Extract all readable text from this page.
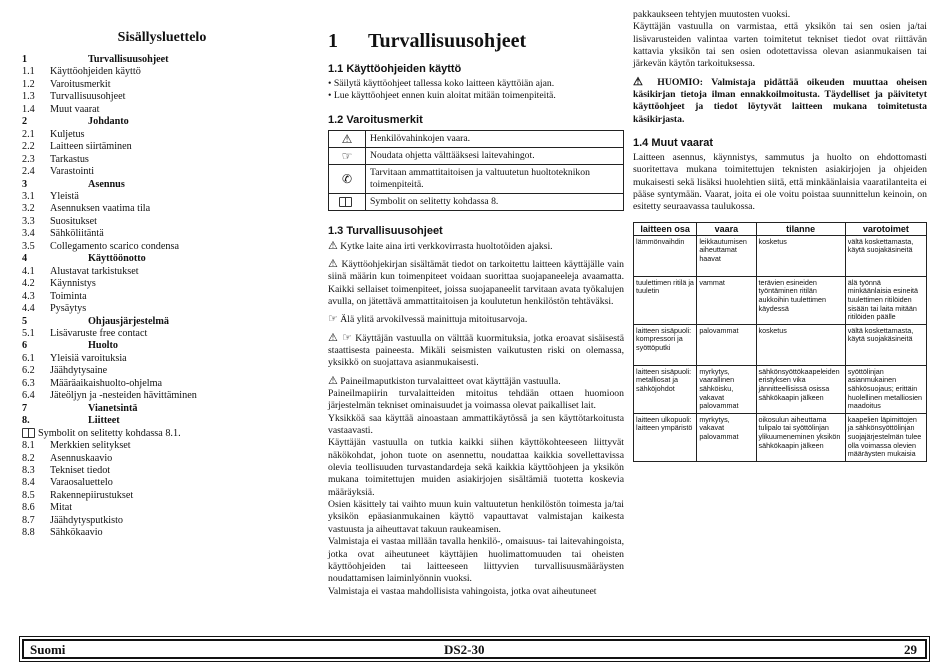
Sisällysluettelo
1	Turvallisuusohjeet
1.1	Käyttöohjeiden käyttö
1.2	Varoitusmerkit
1.3	Turvallisuusohjeet
1.4	Muut vaarat
2	Johdanto
2.1	Kuljetus
2.2	Laitteen siirtäminen
2.3	Tarkastus
2.4	Varastointi
3	Asennus
3.1	Yleistä
3.2	Asennuksen vaatima tila
3.3	Suositukset
3.4	Sähköliitäntä
3.5	Collegamento scarico condensa
4	Käyttöönotto
4.1	Alustavat tarkistukset
4.2	Käynnistys
4.3	Toiminta
4.4	Pysäytys
5	Ohjausjärjestelmä
5.1	Lisävaruste free contact
6	Huolto
6.1	Yleisiä varoituksia
6.2	Jäähdytysaine
6.3	Määräaikaishuolto-ohjelma
6.4	Jäteöljyn ja -nesteiden hävittäminen
7	Vianetsintä
8.	Liitteet
Symbolit on selitetty kohdassa 8.1.
8.1	Merkkien selitykset
8.2	Asennuskaavio
8.3	Tekniset tiedot
8.4	Varaosaluettelo
8.5	Rakennepiirustukset
8.6	Mitat
8.7	Jäähdytysputkisto
8.8	Sähkökaavio
1 Turvallisuusohjeet
1.1 Käyttöohjeiden käyttö

• Säilytä käyttöohjeet tallessa koko laitteen käyttöiän ajan.

• Lue käyttöohjeet ennen kuin aloitat mitään toimenpiteitä.

1.2 Varoitusmerkit
⚠	Henkilövahinkojen vaara.
☞	Noudata ohjetta välttääksesi laitevahingot.
✆	Tarvitaan ammattitaitoisen ja valtuutetun huoltoteknikon toimenpiteitä.
	Symbolit on selitetty kohdassa 8.
1.3 Turvallisuusohjeet

⚠ Kytke laite aina irti verkkovirrasta huoltotöiden ajaksi.

⚠ Käyttöohjekirjan sisältämät tiedot on tarkoitettu laitteen käyttäjälle vain siinä määrin kun toimenpiteet voidaan suorittaa suojapaneeleja avaamatta. Kaikki sellaiset toimenpiteet, joissa suojapaneelit tarvitaan avata työkalujen avulla, on jätettävä ammattitaitoisen ja koulutetun henkilöstön tehtäväksi.

☞ Älä ylitä arvokilvessä mainittuja mitoitusarvoja.

⚠ ☞ Käyttäjän vastuulla on välttää kuormituksia, jotka eroavat sisäisestä staattisesta paineesta. Mikäli seismisten vaikutusten riski on olemassa, yksikkö on suojattava asianmukaisesti.

⚠ Paineilmaputkiston turvalaitteet ovat käyttäjän vastuulla.

Paineilmapiirin turvalaitteiden mitoitus tehdään ottaen huomioon järjestelmän tekniset ominaisuudet ja voimassa olevat paikalliset lait.

Yksikköä saa käyttää ainoastaan ammattikäytössä ja sen käyttötarkoitusta vastaavasti.

Käyttäjän vastuulla on tutkia kaikki siihen käyttökohteeseen liittyvät näkökohdat, johon tuote on asennettu, noudattaa kaikkia sovellettavissa olevia teollisuuden turvastandardeja sekä kaikkia käyttöohjeen ja yksikön mukana toimitettujen muiden asiakirjojen sisältämiä tuotetta koskevia määräyksiä.

Osien käsittely tai vaihto muun kuin valtuutetun henkilöstön toimesta ja/tai yksikön epäasianmukainen käyttö vapauttavat valmistajan kaikesta vastuusta ja aiheuttavat takuun raukeamisen.

Valmistaja ei vastaa millään tavalla henkilö-, omaisuus- tai laitevahingoista, jotka ovat aiheutuneet käyttäjien huolimattomuuden tai oheisten käyttöohjeiden tai laitteeseen liittyvien turvallisuusmääräysten noudattamisen laiminlyönnin vuoksi.

Valmistaja ei vastaa mahdollisista vahingoista, jotka ovat aiheutuneet

pakkaukseen tehtyjen muutosten vuoksi.

Käyttäjän vastuulla on varmistaa, että yksikön tai sen osien ja/tai lisävarusteiden valintaa varten toimitetut tekniset tiedot ovat riittävän kattavia yksikön tai sen osien odotettavissa olevan asianmukaisen tai järkevän käytön tarkoituksessa.

⚠ HUOMIO: Valmistaja pidättää oikeuden muuttaa oheisen käsikirjan tietoja ilman ennakkoilmoitusta. Täydelliset ja päivitetyt käyttöohjeet ja tiedot löytyvät laitteen mukana toimitetusta käsikirjasta.

1.4 Muut vaarat

Laitteen asennus, käynnistys, sammutus ja huolto on ehdottomasti suoritettava mukana toimitettujen teknisten asiakirjojen ja ohjeiden mukaisesti sekä lisäksi huolehtien siitä, että minkäänlaisia vaaratilanteita ei pääse syntymään. Vaarat, joita ei ole voitu poistaa suunnittelun keinoin, on esitetty seuraavassa taulukossa.

laitteen osa	vaara	tilanne	varotoimet
lämmönvaihdin	leikkautumisen aiheuttamat haavat	kosketus	vältä koskettamasta, käytä suojakäsineitä
tuulettimen ritilä ja tuuletin	vammat	terävien esineiden työntäminen ritilän aukkoihin tuulettimen käydessä	älä työnnä minkäänlaisia esineitä tuulettimen ritilöiden sisään tai laita mitään ritilöiden päälle
laitteen sisäpuoli: kompressori ja syöttöputki	palovammat	kosketus	vältä koskettamasta, käytä suojakäsineitä
laitteen sisäpuoli: metalliosat ja sähköjohdot	myrkytys, vaarallinen sähköisku, vakavat palovammat	sähkönsyöttökaapeleiden eristyksen vika jännitteellisissä osissa sähkökaapin jälkeen	syöttölinjan asianmukainen sähkösuojaus; erittäin huolellinen metalliosien maadoitus
laitteen ulkopuoli: laitteen ympäristö	myrkytys, vakavat palovammat	oikosulun aiheuttama tulipalo tai syöttölinjan ylikuumeneminen yksikön sähkökaapin jälkeen	kaapelien läpimittojen ja sähkönsyöttölinjan suojajärjestelmän tulee olla voimassa olevien määräysten mukaisia
Suomi	DS2-30	29
